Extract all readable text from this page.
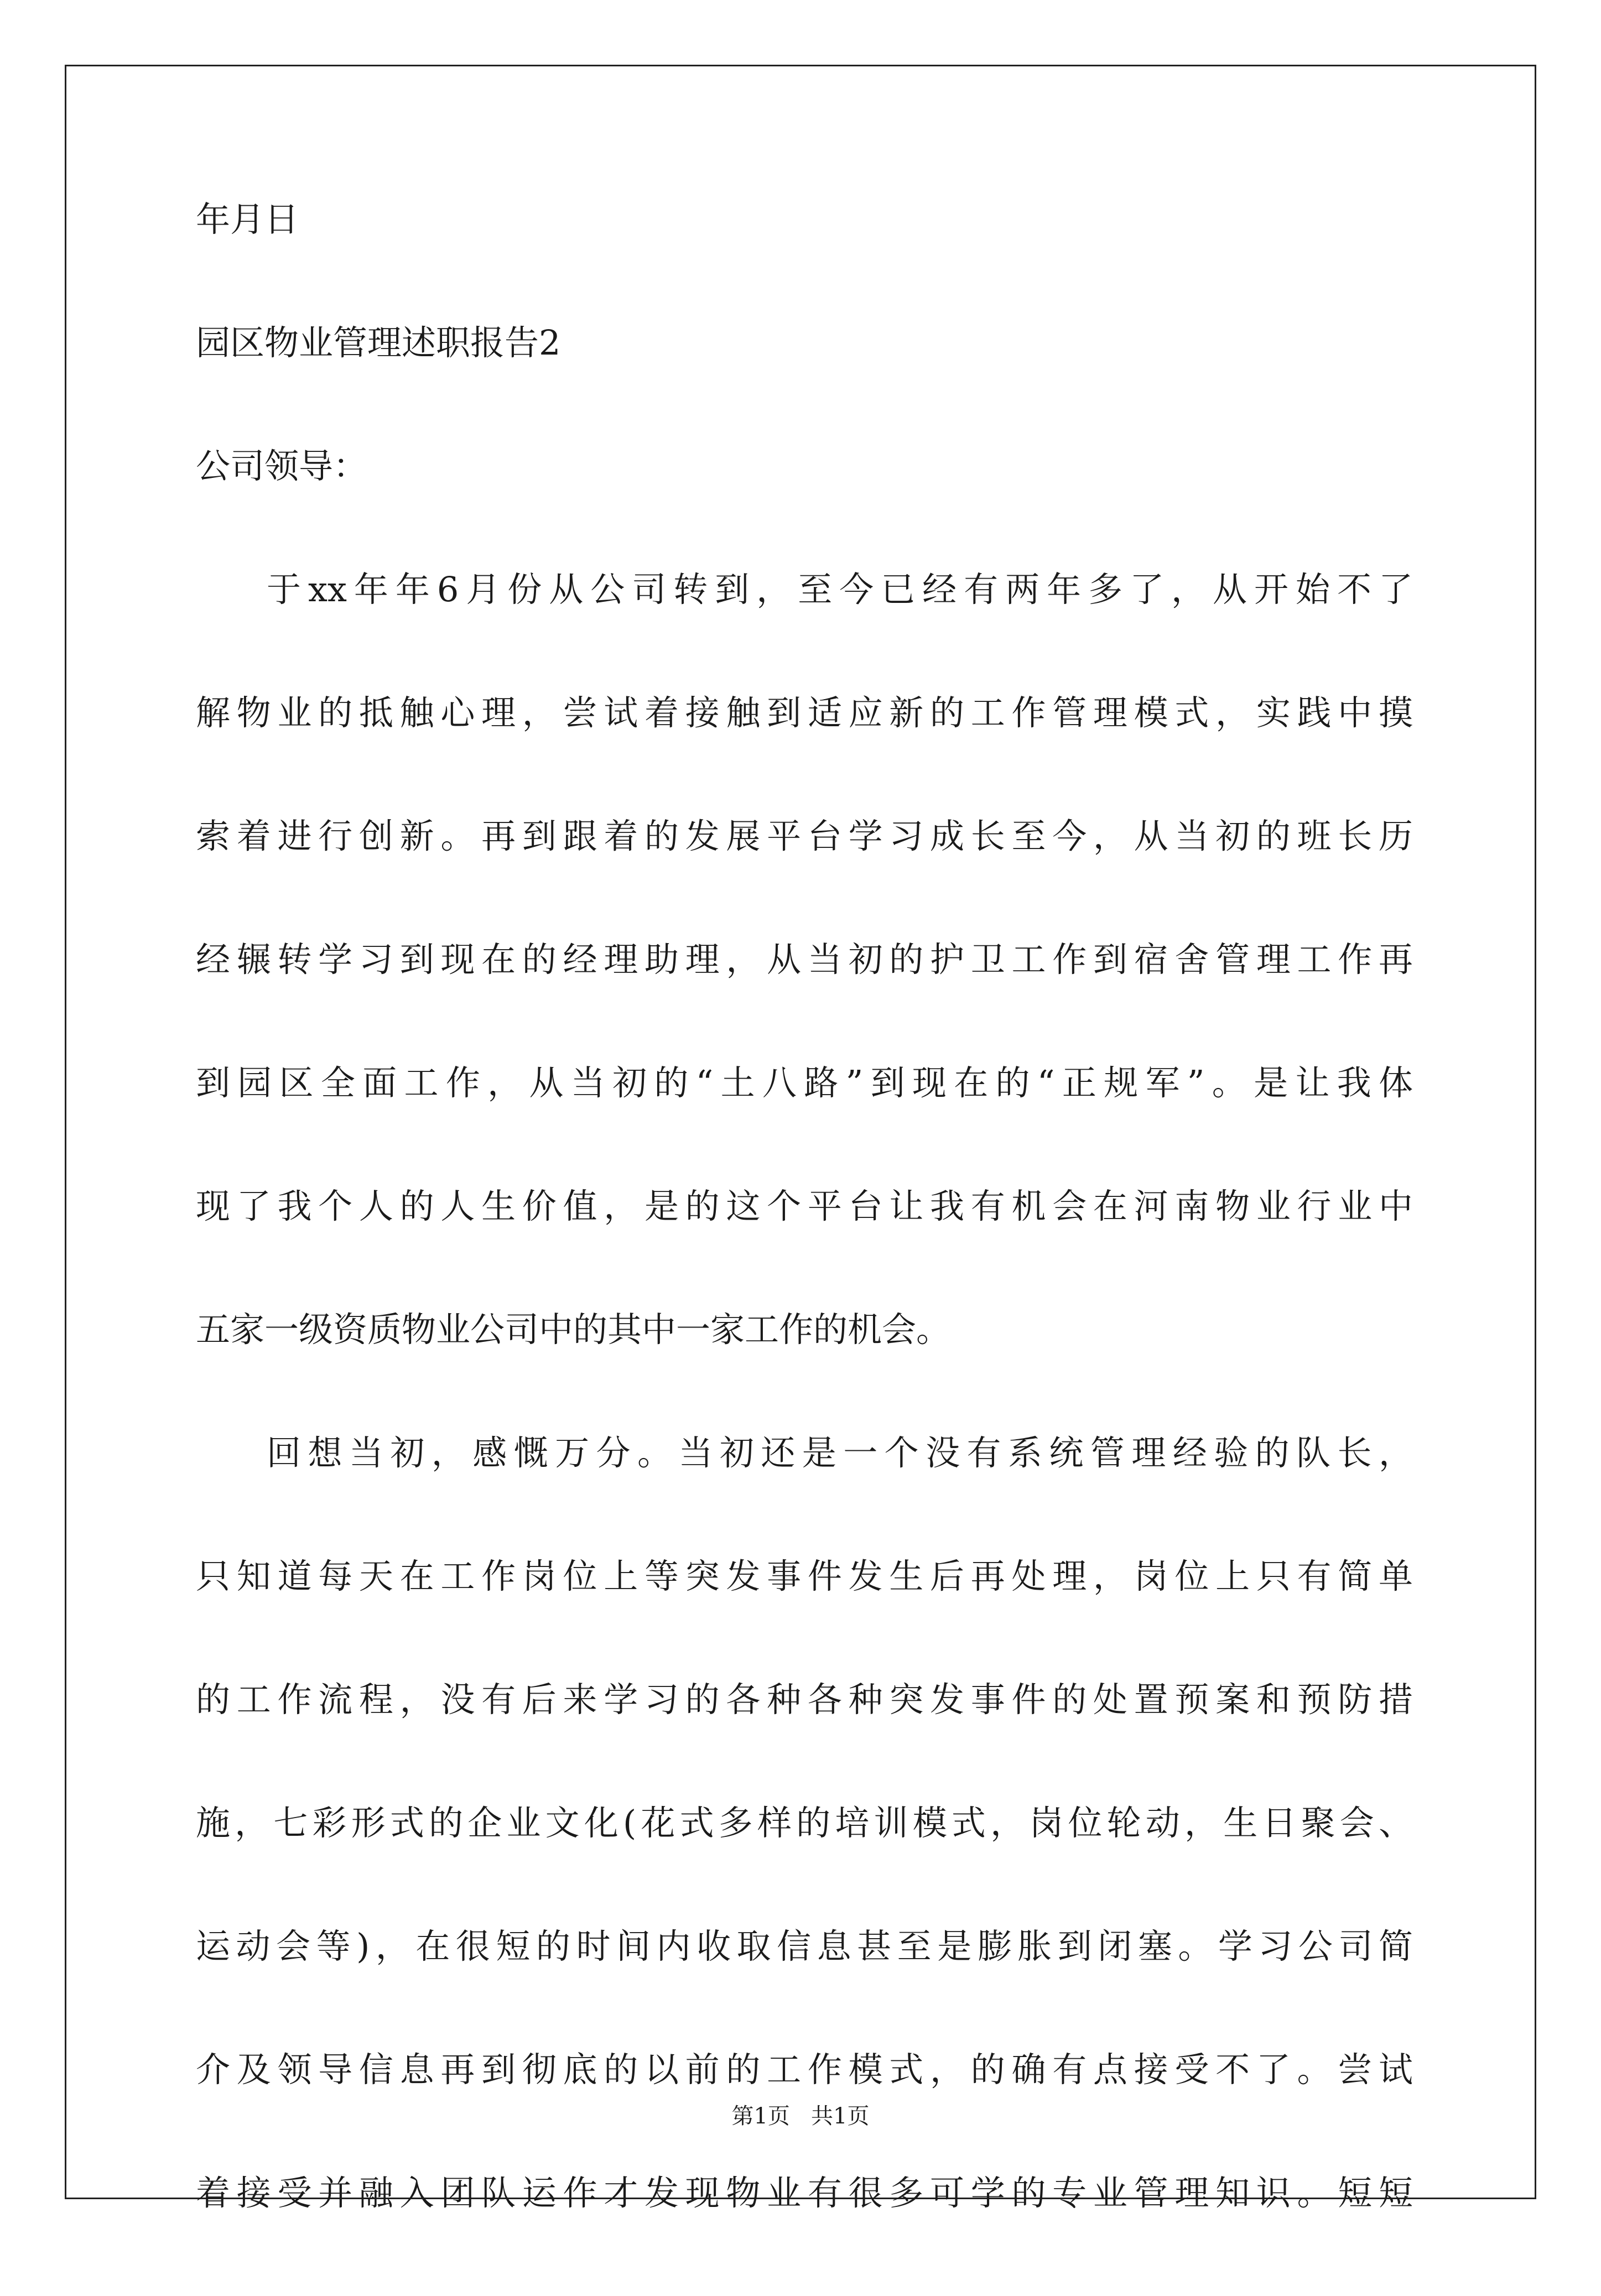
年月日
园区物业管理述职报告2
公司领导：
于xx年年6月份从公司转到，至今已经有两年多了，从开始不了
解物业的抵触心理，尝试着接触到适应新的工作管理模式，实践中摸
索着进行创新。再到跟着的发展平台学习成长至今，从当初的班长历
经辗转学习到现在的经理助理，从当初的护卫工作到宿舍管理工作再
到园区全面工作，从当初的“土八路”到现在的“正规军”。是让我体
现了我个人的人生价值，是的这个平台让我有机会在河南物业行业中
五家一级资质物业公司中的其中一家工作的机会。
回想当初，感慨万分。当初还是一个没有系统管理经验的队长，
只知道每天在工作岗位上等突发事件发生后再处理，岗位上只有简单
的工作流程，没有后来学习的各种各种突发事件的处置预案和预防措
施，七彩形式的企业文化(花式多样的培训模式，岗位轮动，生日聚会、
运动会等)，在很短的时间内收取信息甚至是膨胀到闭塞。学习公司简
介及领导信息再到彻底的以前的工作模式，的确有点接受不了。尝试
着接受并融入团队运作才发现物业有很多可学的专业管理知识。短短
第1页   共1页
